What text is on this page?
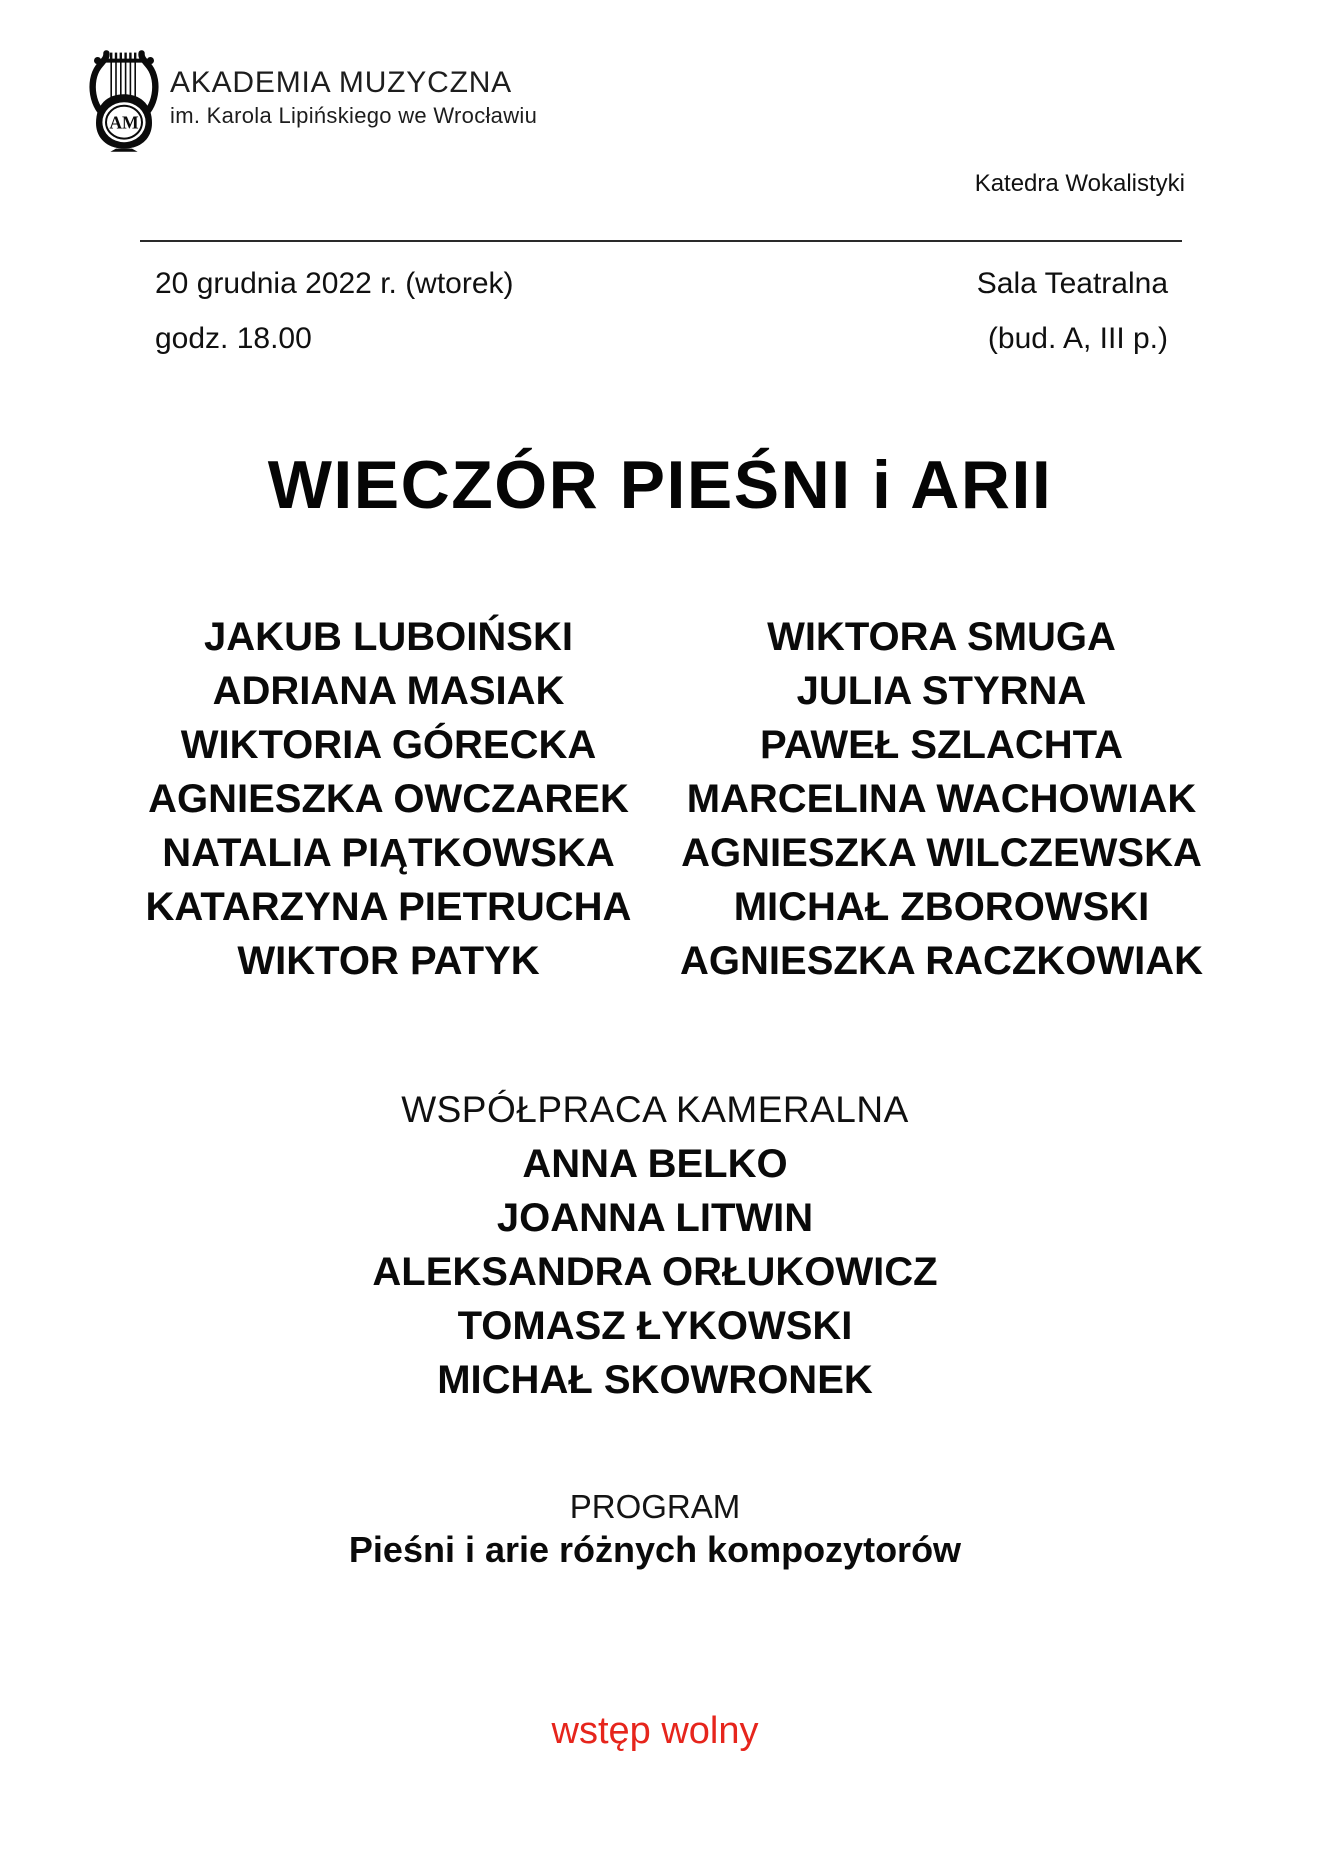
AM
AKADEMIA MUZYCZNA
im. Karola Lipińskiego we Wrocławiu
Katedra Wokalistyki
20 grudnia 2022 r. (wtorek)
godz. 18.00
Sala Teatralna
(bud. A, III p.)
WIECZÓR PIEŚNI i ARII
JAKUB LUBOIŃSKI
ADRIANA MASIAK
WIKTORIA GÓRECKA
AGNIESZKA OWCZAREK
NATALIA PIĄTKOWSKA
KATARZYNA PIETRUCHA
WIKTOR PATYK
WIKTORA SMUGA
JULIA STYRNA
PAWEŁ SZLACHTA
MARCELINA WACHOWIAK
AGNIESZKA WILCZEWSKA
MICHAŁ ZBOROWSKI
AGNIESZKA RACZKOWIAK
WSPÓŁPRACA KAMERALNA
ANNA BELKO
JOANNA LITWIN
ALEKSANDRA ORŁUKOWICZ
TOMASZ ŁYKOWSKI
MICHAŁ SKOWRONEK
PROGRAM
Pieśni i arie różnych kompozytorów
wstęp wolny
